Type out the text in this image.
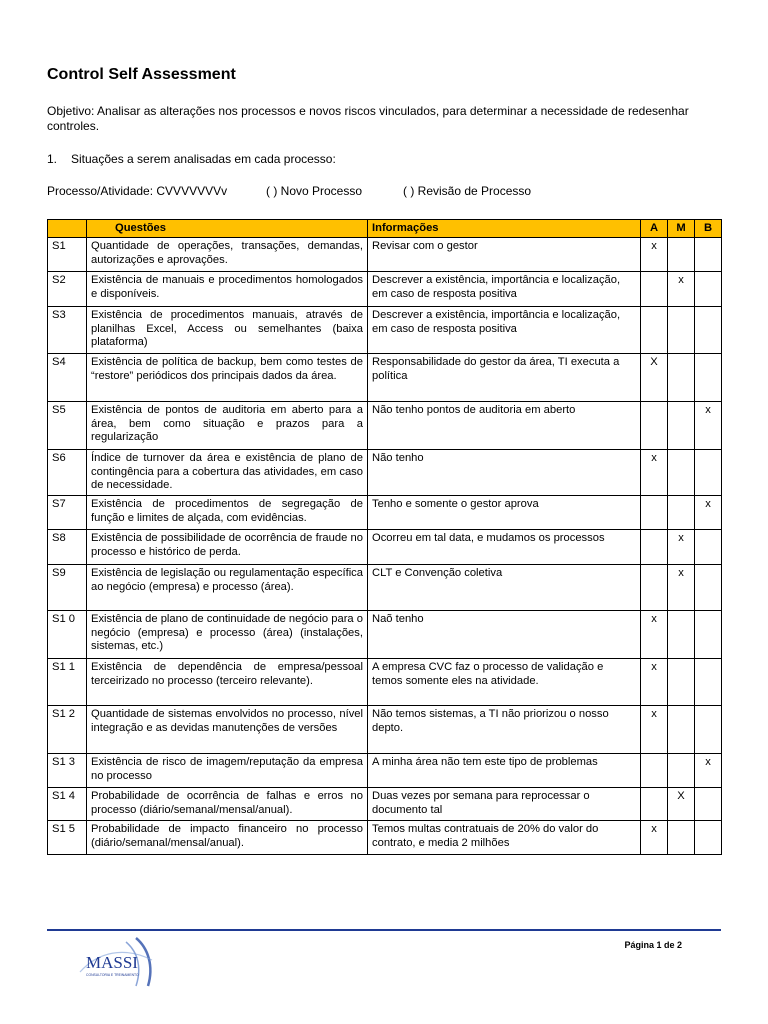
Control Self Assessment
Objetivo: Analisar as alterações nos processos e novos riscos vinculados, para determinar a necessidade de redesenhar controles.
1. Situações a serem analisadas em cada processo:
Processo/Atividade: CVVVVVVVv	( ) Novo Processo	( ) Revisão de Processo
	Questões	Informações	A	M	B
S1	Quantidade de operações, transações, demandas, autorizações e aprovações.	Revisar com o gestor	x		
S2	Existência de manuais e procedimentos homologados e disponíveis.	Descrever a existência, importância e localização, em caso de resposta positiva		x	
S3	Existência de procedimentos manuais, através de planilhas Excel, Access ou semelhantes (baixa plataforma)	Descrever a existência, importância e localização, em caso de resposta positiva			
S4	Existência de política de backup, bem como testes de “restore” periódicos dos principais dados da área.	Responsabilidade do gestor da área, TI executa a política	X		
S5	Existência de pontos de auditoria em aberto para a área, bem como situação e prazos para a regularização	Não tenho pontos de auditoria em aberto			x
S6	Índice de turnover da área e existência de plano de contingência para a cobertura das atividades, em caso de necessidade.	Não tenho	x		
S7	Existência de procedimentos de segregação de função e limites de alçada, com evidências.	Tenho e somente o gestor aprova			x
S8	Existência de possibilidade de ocorrência de fraude no processo e histórico de perda.	Ocorreu em tal data, e mudamos os processos		x	
S9	Existência de legislação ou regulamentação específica ao negócio (empresa) e processo (área).	CLT e Convenção coletiva		x	
S1 0	Existência de plano de continuidade de negócio para o negócio (empresa) e processo (área) (instalações, sistemas, etc.)	Naõ tenho	x		
S1 1	Existência de dependência de empresa/pessoal terceirizado no processo (terceiro relevante).	A empresa CVC faz o processo de validação e temos somente eles na atividade.	x		
S1 2	Quantidade de sistemas envolvidos no processo, nível integração e as devidas manutenções de versões	Não temos sistemas, a TI não priorizou o nosso depto.	x		
S1 3	Existência de risco de imagem/reputação da empresa no processo	A minha área não tem este tipo de problemas			x
S1 4	Probabilidade de ocorrência de falhas e erros no processo (diário/semanal/mensal/anual).	Duas vezes por semana para reprocessar o documento tal		X	
S1 5	Probabilidade de impacto financeiro no processo (diário/semanal/mensal/anual).	Temos multas contratuais de 20% do valor do contrato, e media 2 milhões	x		
MASSI
CONSULTORIA E TREINAMENTO
Página 1 de 2
